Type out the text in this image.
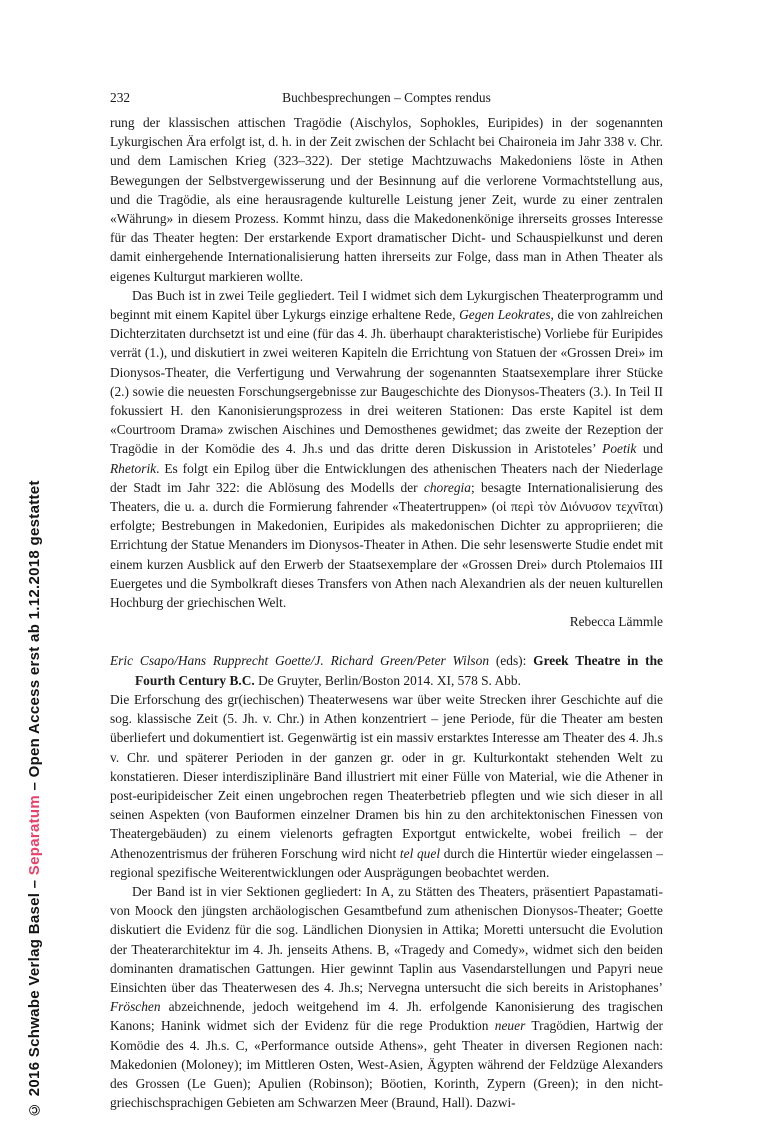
© 2016 Schwabe Verlag Basel – Separatum – Open Access erst ab 1.12.2018 gestattet
232	Buchbesprechungen – Comptes rendus

rung der klassischen attischen Tragödie (Aischylos, Sophokles, Euripides) in der sogenannten Lykurgischen Ära erfolgt ist, d. h. in der Zeit zwischen der Schlacht bei Chaironeia im Jahr 338 v. Chr. und dem Lamischen Krieg (323–322). Der stetige Machtzuwachs Makedoniens löste in Athen Bewegungen der Selbstvergewisserung und der Besinnung auf die verlorene Vormachtstellung aus, und die Tragödie, als eine herausragende kulturelle Leistung jener Zeit, wurde zu einer zentralen «Währung» in diesem Prozess. Kommt hinzu, dass die Makedonenkönige ihrerseits grosses Interesse für das Theater hegten: Der erstarkende Export dramatischer Dicht- und Schauspielkunst und deren damit einhergehende Internationalisierung hatten ihrerseits zur Folge, dass man in Athen Theater als eigenes Kulturgut markieren wollte.

Das Buch ist in zwei Teile gegliedert. Teil I widmet sich dem Lykurgischen Theaterprogramm und beginnt mit einem Kapitel über Lykurgs einzige erhaltene Rede, Gegen Leokrates, die von zahlreichen Dichterzitaten durchsetzt ist und eine (für das 4. Jh. überhaupt charakteristische) Vorliebe für Euripides verrät (1.), und diskutiert in zwei weiteren Kapiteln die Errichtung von Statuen der «Grossen Drei» im Dionysos-Theater, die Verfertigung und Verwahrung der sogenannten Staatsexemplare ihrer Stücke (2.) sowie die neuesten Forschungsergebnisse zur Baugeschichte des Dionysos-Theaters (3.). In Teil II fokussiert H. den Kanonisierungsprozess in drei weiteren Stationen: Das erste Kapitel ist dem «Courtroom Drama» zwischen Aischines und Demosthenes gewidmet; das zweite der Rezeption der Tragödie in der Komödie des 4. Jh.s und das dritte deren Diskussion in Aristoteles’ Poetik und Rhetorik. Es folgt ein Epilog über die Entwicklungen des athenischen Theaters nach der Niederlage der Stadt im Jahr 322: die Ablösung des Modells der choregia; besagte Internationalisierung des Theaters, die u. a. durch die Formierung fahrender «Theatertruppen» (οἱ περὶ τὸν Διόνυσον τεχνῖται) erfolgte; Bestrebungen in Makedonien, Euripides als makedonischen Dichter zu appropriieren; die Errichtung der Statue Menanders im Dionysos-Theater in Athen. Die sehr lesenswerte Studie endet mit einem kurzen Ausblick auf den Erwerb der Staatsexemplare der «Grossen Drei» durch Ptolemaios III Euergetes und die Symbolkraft dieses Transfers von Athen nach Alexandrien als der neuen kulturellen Hochburg der griechischen Welt.

Rebecca Lämmle

Eric Csapo/Hans Rupprecht Goette/J. Richard Green/Peter Wilson (eds): Greek Theatre in the Fourth Century B.C. De Gruyter, Berlin/Boston 2014. XI, 578 S. Abb.

Die Erforschung des gr(iechischen) Theaterwesens war über weite Strecken ihrer Geschichte auf die sog. klassische Zeit (5. Jh. v. Chr.) in Athen konzentriert – jene Periode, für die Theater am besten überliefert und dokumentiert ist. Gegenwärtig ist ein massiv erstarktes Interesse am Theater des 4. Jh.s v. Chr. und späterer Perioden in der ganzen gr. oder in gr. Kulturkontakt stehenden Welt zu konstatieren. Dieser interdisziplinäre Band illustriert mit einer Fülle von Material, wie die Athener in post-euripideischer Zeit einen ungebrochen regen Theaterbetrieb pflegten und wie sich dieser in all seinen Aspekten (von Bauformen einzelner Dramen bis hin zu den architektonischen Finessen von Theatergebäuden) zu einem vielenorts gefragten Exportgut entwickelte, wobei freilich – der Athenozentrismus der früheren Forschung wird nicht tel quel durch die Hintertür wieder eingelassen – regional spezifische Weiterentwicklungen oder Ausprägungen beobachtet werden.

Der Band ist in vier Sektionen gegliedert: In A, zu Stätten des Theaters, präsentiert Papastamati-von Moock den jüngsten archäologischen Gesamtbefund zum athenischen Dionysos-Theater; Goette diskutiert die Evidenz für die sog. Ländlichen Dionysien in Attika; Moretti untersucht die Evolution der Theaterarchitektur im 4. Jh. jenseits Athens. B, «Tragedy and Comedy», widmet sich den beiden dominanten dramatischen Gattungen. Hier gewinnt Taplin aus Vasendarstellungen und Papyri neue Einsichten über das Theaterwesen des 4. Jh.s; Nervegna untersucht die sich bereits in Aristophanes’ Fröschen abzeichnende, jedoch weitgehend im 4. Jh. erfolgende Kanonisierung des tragischen Kanons; Hanink widmet sich der Evidenz für die rege Produktion neuer Tragödien, Hartwig der Komödie des 4. Jh.s. C, «Performance outside Athens», geht Theater in diversen Regionen nach: Makedonien (Moloney); im Mittleren Osten, West-Asien, Ägypten während der Feldzüge Alexanders des Grossen (Le Guen); Apulien (Robinson); Böotien, Korinth, Zypern (Green); in den nicht-griechischsprachigen Gebieten am Schwarzen Meer (Braund, Hall). Dazwi-
